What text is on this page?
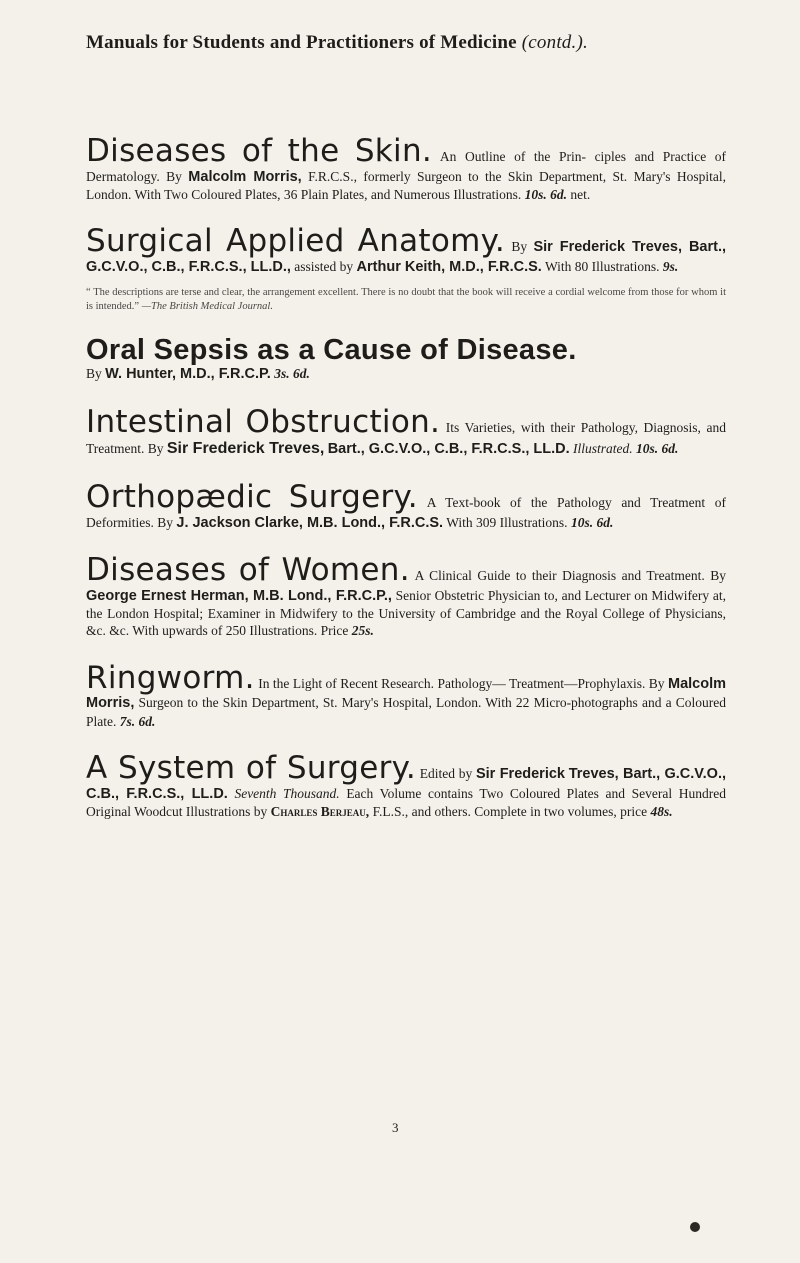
Manuals for Students and Practitioners of Medicine (contd.).

Diseases of the Skin. An Outline of the Prin- ciples and Practice of Dermatology. By Malcolm Morris, F.R.C.S., formerly Surgeon to the Skin Department, St. Mary's Hospital, London. With Two Coloured Plates, 36 Plain Plates, and Numerous Illustrations. 10s. 6d. net.

Surgical Applied Anatomy. By Sir Frederick Treves, Bart., G.C.V.O., C.B., F.R.C.S., LL.D., assisted by Arthur Keith, M.D., F.R.C.S. With 80 Illustrations. 9s.

“ The descriptions are terse and clear, the arrangement excellent. There is no doubt that the book will receive a cordial welcome from those for whom it is intended.” —The British Medical Journal.

Oral Sepsis as a Cause of Disease.

By W. Hunter, M.D., F.R.C.P. 3s. 6d.

Intestinal Obstruction. Its Varieties, with their Pathology, Diagnosis, and Treatment. By Sir Frederick Treves, Bart., G.C.V.O., C.B., F.R.C.S., LL.D. Illustrated. 10s. 6d.

Orthopædic Surgery. A Text-book of the Pathology and Treatment of Deformities. By J. Jackson Clarke, M.B. Lond., F.R.C.S. With 309 Illustrations. 10s. 6d.

Diseases of Women. A Clinical Guide to their Diagnosis and Treatment. By George Ernest Herman, M.B. Lond., F.R.C.P., Senior Obstetric Physician to, and Lecturer on Midwifery at, the London Hospital; Examiner in Midwifery to the University of Cambridge and the Royal College of Physicians, &c. &c. With upwards of 250 Illustrations. Price 25s.

Ringworm. In the Light of Recent Research. Pathology— Treatment—Prophylaxis. By Malcolm Morris, Surgeon to the Skin Department, St. Mary's Hospital, London. With 22 Micro-photographs and a Coloured Plate. 7s. 6d.

A System of Surgery. Edited by Sir Frederick Treves, Bart., G.C.V.O., C.B., F.R.C.S., LL.D. Seventh Thousand. Each Volume contains Two Coloured Plates and Several Hundred Original Woodcut Illustrations by Charles Berjeau, F.L.S., and others. Complete in two volumes, price 48s.

3
